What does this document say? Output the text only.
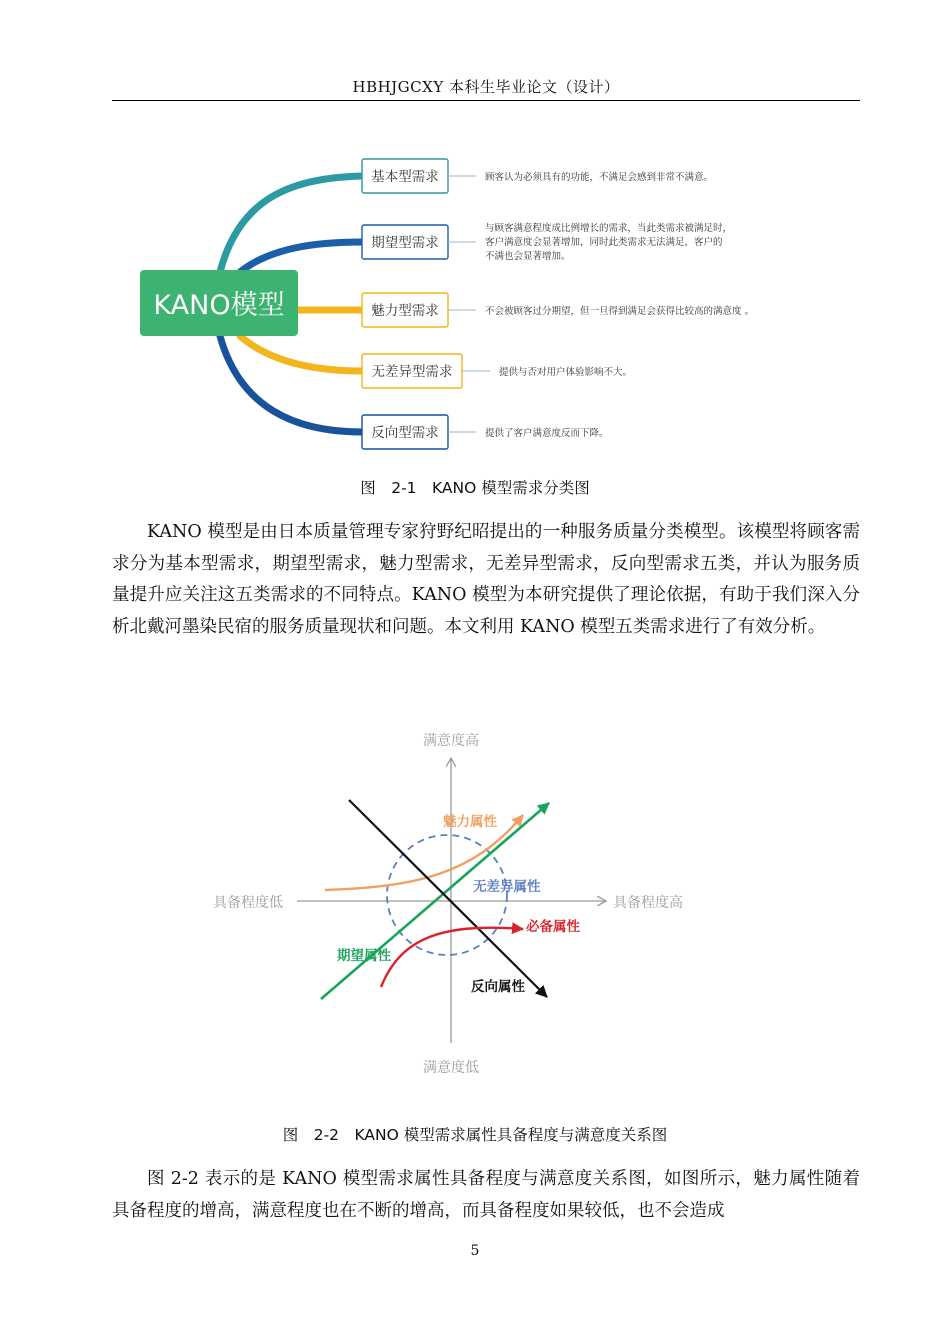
HBHJGCXY 本科生毕业论文（设计）
KANO模型
基本型需求	顾客认为必须具有的功能，不满足会感到非常不满意。
期望型需求
与顾客满意程度成比例增长的需求，当此类需求被满足时，
客户满意度会显著增加，同时此类需求无法满足，客户的
不满也会显著增加。
魅力型需求	不会被顾客过分期望，但一旦得到满足会获得比较高的满意度 。
无差异型需求	提供与否对用户体验影响不大。
反向型需求	提供了客户满意度反而下降。
图　2-1　KANO 模型需求分类图

KANO 模型是由日本质量管理专家狩野纪昭提出的一种服务质量分类模型。该模型将顾客需求分为基本型需求，期望型需求，魅力型需求，无差异型需求，反向型需求五类，并认为服务质量提升应关注这五类需求的不同特点。KANO 模型为本研究提供了理论依据，有助于我们深入分析北戴河墨染民宿的服务质量现状和问题。本文利用 KANO 模型五类需求进行了有效分析。

满意度高
满意度低
具备程度低	具备程度高
魅力属性
无差异属性
必备属性
期望属性
反向属性
图　2-2　KANO 模型需求属性具备程度与满意度关系图

图 2-2 表示的是 KANO 模型需求属性具备程度与满意度关系图，如图所示，魅力属性随着具备程度的增高，满意程度也在不断的增高，而具备程度如果较低，也不会造成

5
